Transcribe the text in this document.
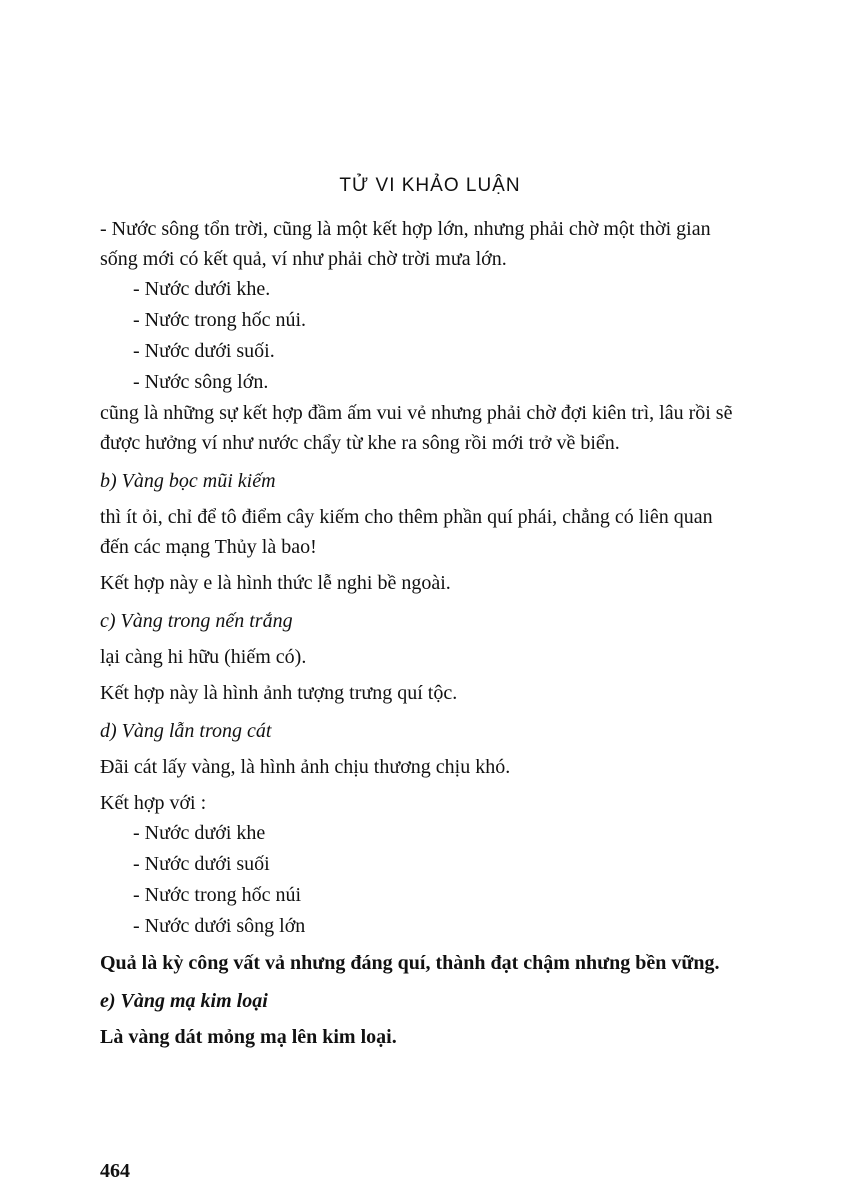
TỬ VI KHẢO LUẬN

- Nước sông tổn trời, cũng là một kết hợp lớn, nhưng phải chờ một thời gian sống mới có kết quả, ví như phải chờ trời mưa lớn.

- Nước dưới khe.

- Nước trong hốc núi.

- Nước dưới suối.

- Nước sông lớn.

cũng là những sự kết hợp đầm ấm vui vẻ nhưng phải chờ đợi kiên trì, lâu rồi sẽ được hưởng ví như nước chẩy từ khe ra sông rồi mới trở về biển.

b) Vàng bọc mũi kiếm

thì ít ỏi, chỉ để tô điểm cây kiếm cho thêm phần quí phái, chẳng có liên quan đến các mạng Thủy là bao!

Kết hợp này e là hình thức lễ nghi bề ngoài.

c) Vàng trong nến trắng

lại càng hi hữu (hiếm có).

Kết hợp này là hình ảnh tượng trưng quí tộc.

d) Vàng lẫn trong cát

Đãi cát lấy vàng, là hình ảnh chịu thương chịu khó.

Kết hợp với :

- Nước dưới khe

- Nước dưới suối

- Nước trong hốc núi

- Nước dưới sông lớn

Quả là kỳ công vất vả nhưng đáng quí, thành đạt chậm nhưng bền vững.

e) Vàng mạ kim loại

Là vàng dát mỏng mạ lên kim loại.

464
